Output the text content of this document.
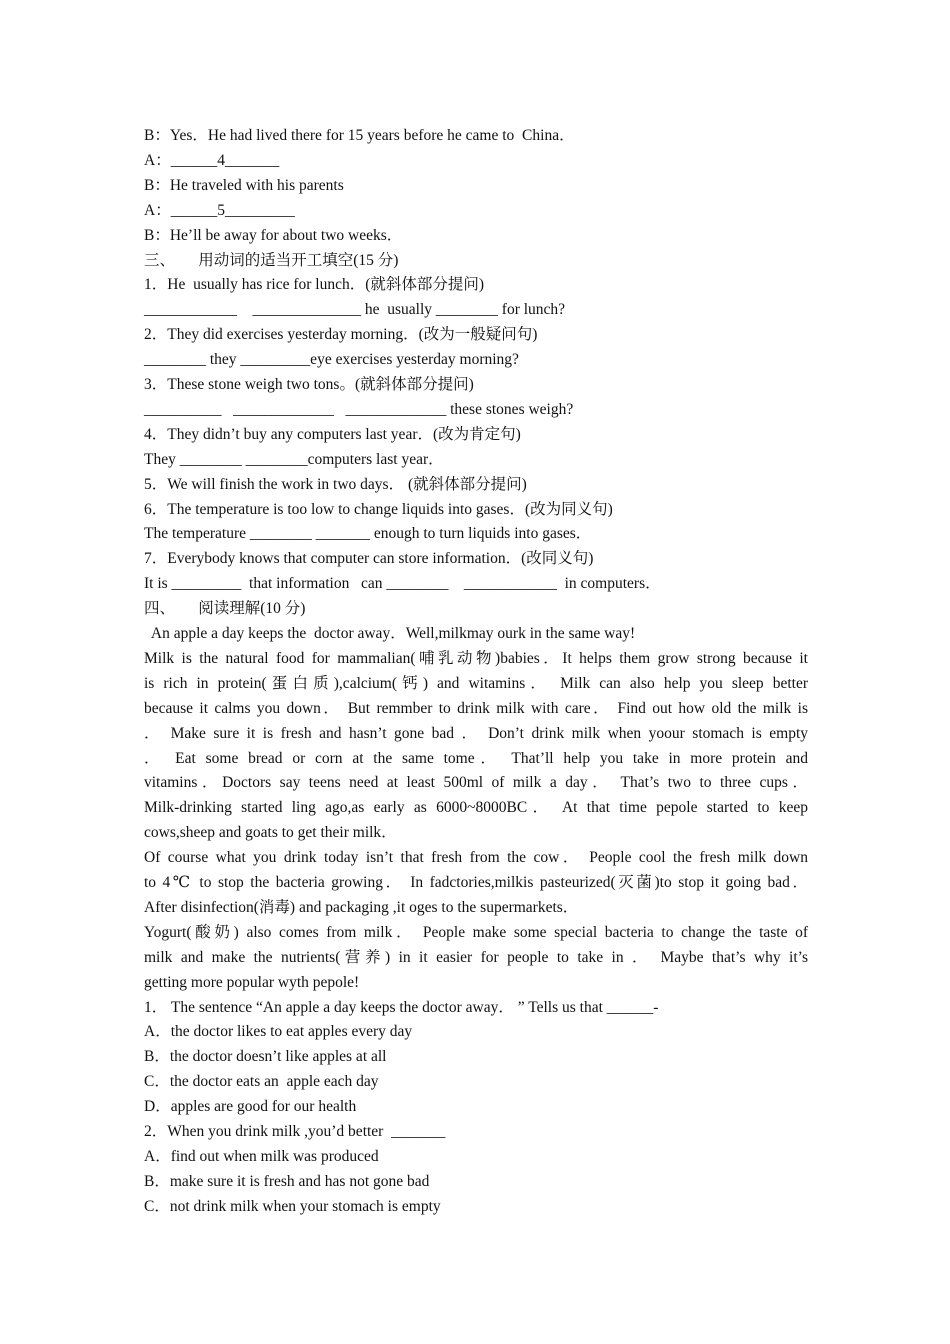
B：Yes．He had lived there for 15 years before he came to  China．
A：______4_______
B：He traveled with his parents
A：______5_________
B：He’ll be away for about two weeks．
三、      用动词的适当开工填空(15 分)
1．He  usually has rice for lunch．(就斜体部分提问)
____________    ______________ he  usually ________ for lunch?
2．They did exercises yesterday morning．(改为一般疑问句)
________ they _________eye exercises yesterday morning?
3．These stone weigh two tons。(就斜体部分提问)
__________   _____________   _____________ these stones weigh?
4．They didn’t buy any computers last year．(改为肯定句)
They ________ ________computers last year．
5．We will finish the work in two days． (就斜体部分提问)
6．The temperature is too low to change liquids into gases．(改为同义句)
The temperature ________ _______ enough to turn liquids into gases．
7．Everybody knows that computer can store information．(改同义句)
It is _________  that information   can ________    ____________  in computers．
四、      阅读理解(10 分)
An apple a day keeps the  doctor away．Well,milkmay ourk in the same way!
Milk is the natural food for mammalian(哺乳动物)babies．It helps them grow strong because it
is rich in protein(蛋白质),calcium(钙) and witamins． Milk can also help you sleep better
because it calms you down． But remmber to drink milk with care． Find out how old the milk is
． Make sure it is fresh and hasn’t gone bad ． Don’t drink milk when yoour stomach is empty
． Eat some bread or corn at the same tome． That’ll help you take in more protein and
vitamins．Doctors say teens need at least 500ml of milk a day． That’s two to three cups．
Milk-drinking started ling ago,as early as 6000~8000BC． At that time pepole started to keep
cows,sheep and goats to get their milk．
Of course what you drink today isn’t that fresh from the cow． People cool the fresh milk down
to 4℃ to stop the bacteria growing． In fadctories,milkis pasteurized(灭菌)to stop it going bad．
After disinfection(消毒) and packaging ,it oges to the supermarkets．
Yogurt(酸奶) also comes from milk． People make some special bacteria to change the taste of
milk and make the nutrients(营养) in it easier for people to take in ． Maybe that’s why it’s
getting more popular wyth pepole!
1． The sentence “An apple a day keeps the doctor away． ” Tells us that ______-
A．the doctor likes to eat apples every day
B．the doctor doesn’t like apples at all
C．the doctor eats an  apple each day
D．apples are good for our health
2．When you drink milk ,you’d better  _______
A．find out when milk was produced
B．make sure it is fresh and has not gone bad
C．not drink milk when your stomach is empty
